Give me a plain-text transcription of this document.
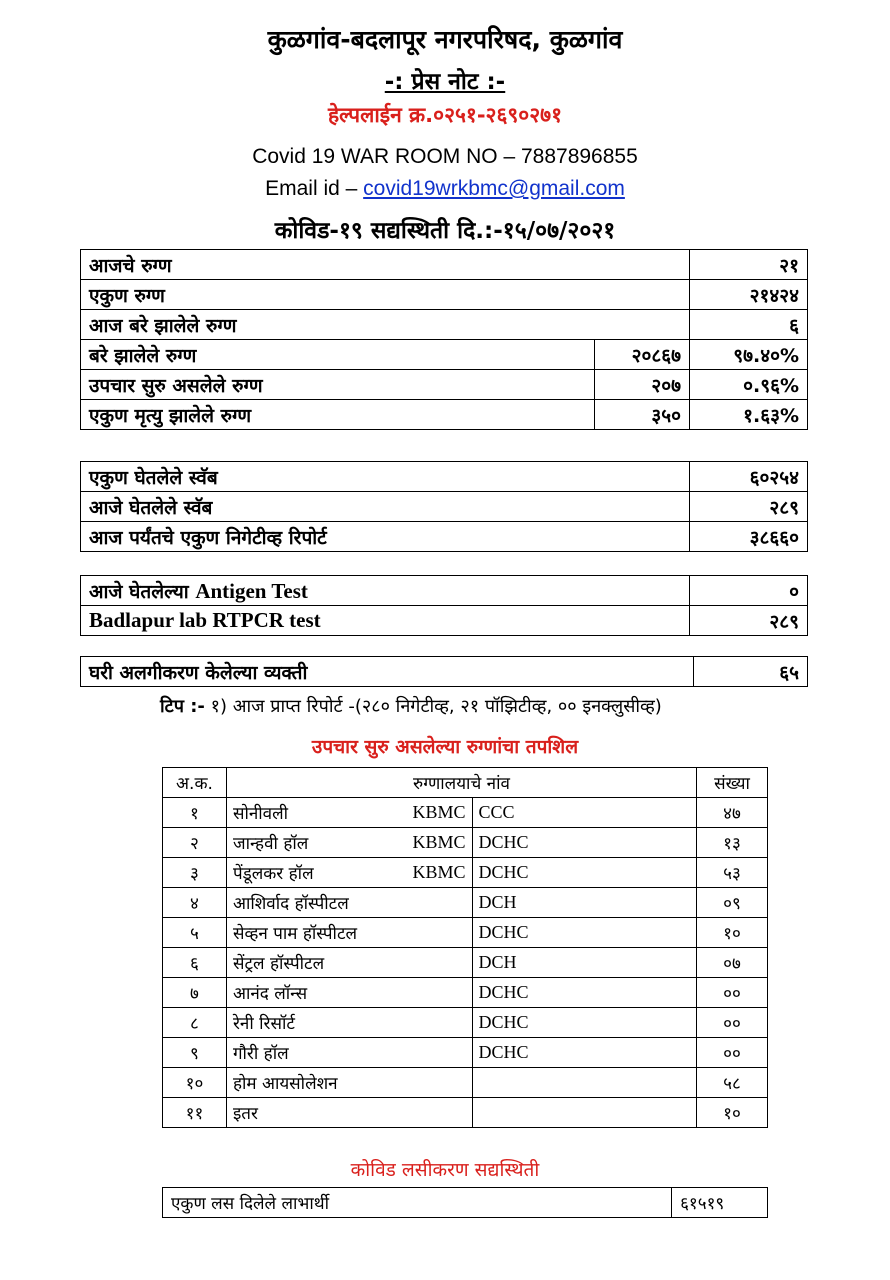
कुळगांव-बदलापूर नगरपरिषद, कुळगांव
-: प्रेस नोट :-
हेल्पलाईन क्र.०२५१-२६९०२७१
Covid 19 WAR ROOM NO – 7887896855
Email id – covid19wrkbmc@gmail.com
कोविड-१९ सद्यस्थिती दि.:-१५/०७/२०२१
आजचे रुग्ण		२१
एकुण रुग्ण		२१४२४
आज बरे झालेले रुग्ण		६
बरे झालेले रुग्ण	२०८६७	९७.४०%
उपचार सुरु असलेले रुग्ण	२०७	०.९६%
एकुण मृत्यु झालेले रुग्ण	३५०	१.६३%
एकुण घेतलेले स्वॅब	६०२५४
आजे घेतलेले स्वॅब	२८९
आज पर्यंतचे एकुण निगेटीव्ह रिपोर्ट	३८६६०
आजे घेतलेल्या Antigen Test	०
Badlapur lab RTPCR test	२८९
घरी अलगीकरण केलेल्या व्यक्ती	६५
टिप :- १) आज प्राप्त रिपोर्ट -(२८० निगेटीव्ह, २१ पॉझिटीव्ह, ०० इनक्लुसीव्ह)
उपचार सुरु असलेल्या रुग्णांचा तपशिल
अ.क.	रुग्णालयाचे नांव		संख्या
१	सोनीवली KBMC	CCC	४७
२	जान्हवी हॉल KBMC	DCHC	१३
३	पेंडूलकर हॉल KBMC	DCHC	५३
४	आशिर्वाद हॉस्पीटल	DCH	०९
५	सेव्हन पाम हॉस्पीटल	DCHC	१०
६	सेंट्रल हॉस्पीटल	DCH	०७
७	आनंद लॉन्स	DCHC	००
८	रेनी रिसॉर्ट	DCHC	००
९	गौरी हॉल	DCHC	००
१०	होम आयसोलेशन		५८
११	इतर		१०
कोविड लसीकरण सद्यस्थिती
एकुण लस दिलेले लाभार्थी	६१५१९
